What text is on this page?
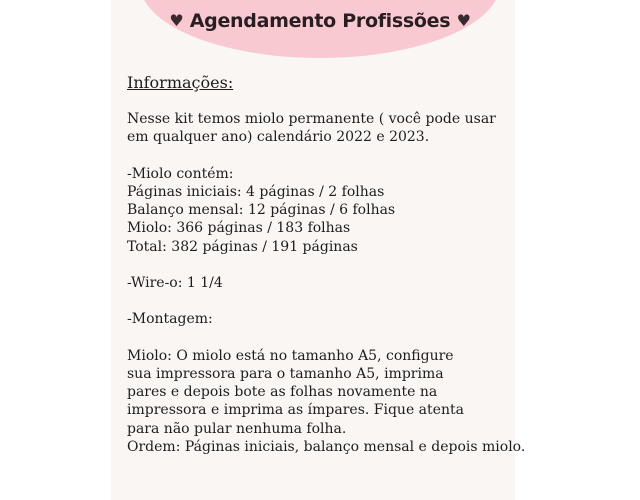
♥ Agendamento Profissões ♥
Informações:
Nesse kit temos miolo permanente ( você pode usar
em qualquer ano) calendário 2022 e 2023.
-Miolo contém:
Páginas iniciais: 4 páginas / 2 folhas
Balanço mensal: 12 páginas / 6 folhas
Miolo: 366 páginas / 183 folhas
Total: 382 páginas / 191 páginas
-Wire-o: 1 1/4
-Montagem:
Miolo: O miolo está no tamanho A5, configure
sua impressora para o tamanho A5, imprima
pares e depois bote as folhas novamente na
impressora e imprima as ímpares. Fique atenta
para não pular nenhuma folha.
Ordem: Páginas iniciais, balanço mensal e depois miolo.
